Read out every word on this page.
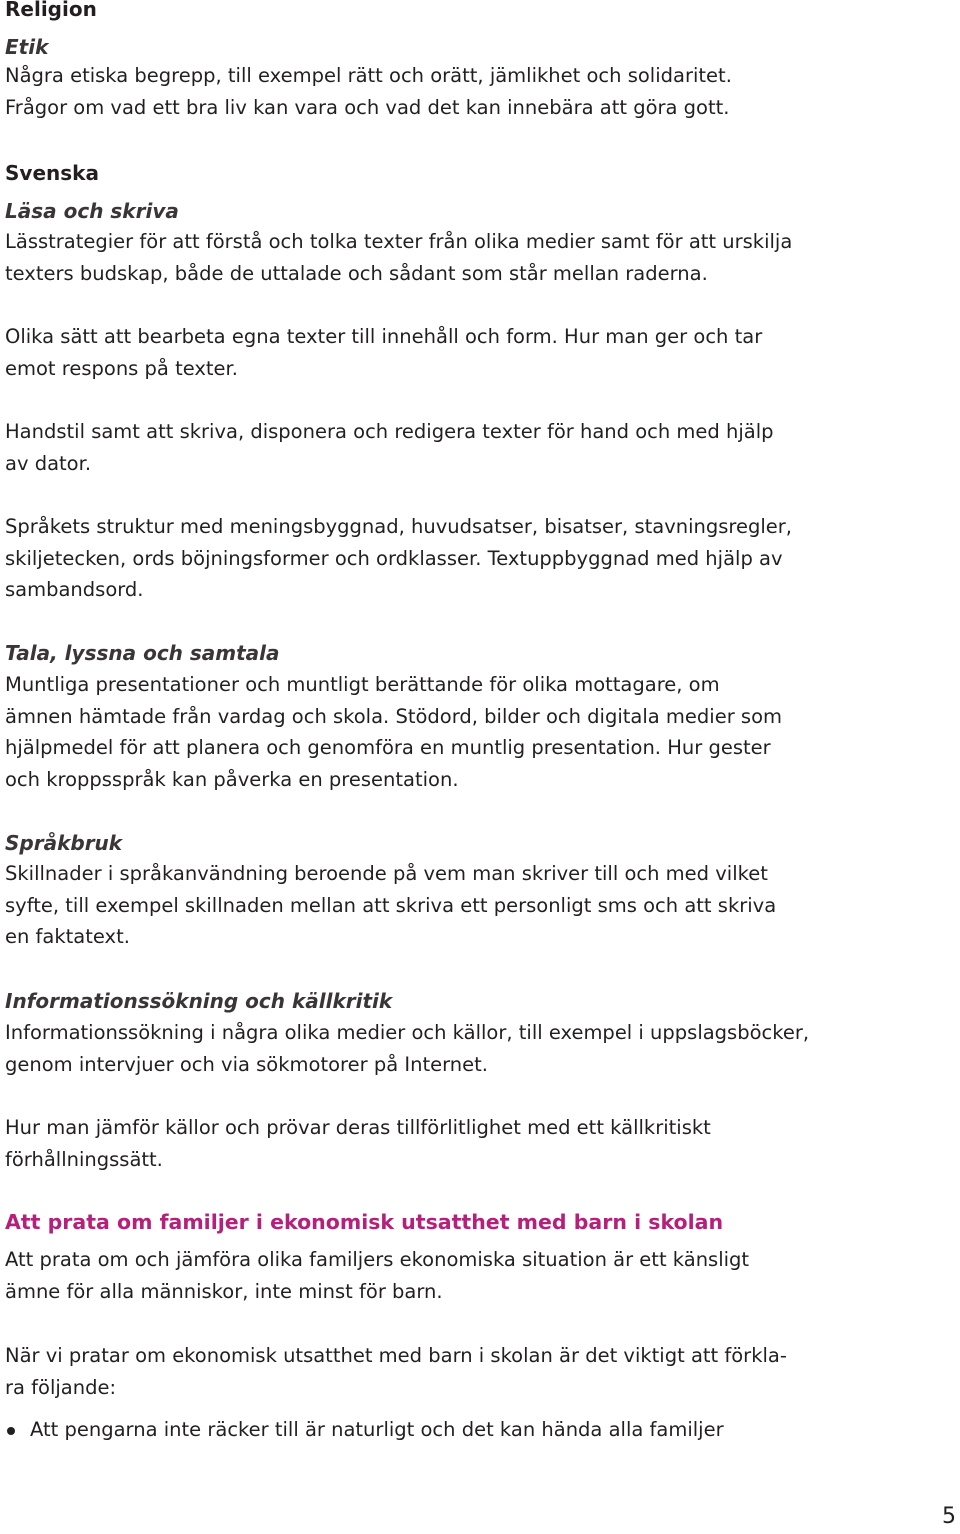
Religion
Etik

Några etiska begrepp, till exempel rätt och orätt, jämlikhet och solidaritet.
Frågor om vad ett bra liv kan vara och vad det kan innebära att göra gott.

Svenska
Läsa och skriva

Lässtrategier för att förstå och tolka texter från olika medier samt för att urskilja
texters budskap, både de uttalade och sådant som står mellan raderna.

Olika sätt att bearbeta egna texter till innehåll och form. Hur man ger och tar
emot respons på texter.

Handstil samt att skriva, disponera och redigera texter för hand och med hjälp
av dator.

Språkets struktur med meningsbyggnad, huvudsatser, bisatser, stavningsregler,
skiljetecken, ords böjningsformer och ordklasser. Textuppbyggnad med hjälp av
sambandsord.

Tala, lyssna och samtala

Muntliga presentationer och muntligt berättande för olika mottagare, om
ämnen hämtade från vardag och skola. Stödord, bilder och digitala medier som
hjälpmedel för att planera och genomföra en muntlig presentation. Hur gester
och kroppsspråk kan påverka en presentation.

Språkbruk

Skillnader i språkanvändning beroende på vem man skriver till och med vilket
syfte, till exempel skillnaden mellan att skriva ett personligt sms och att skriva
en faktatext.

Informationssökning och källkritik

Informationssökning i några olika medier och källor, till exempel i uppslagsböcker,
genom intervjuer och via sökmotorer på Internet.

Hur man jämför källor och prövar deras tillförlitlighet med ett källkritiskt
förhållningssätt.

Att prata om familjer i ekonomisk utsatthet med barn i skolan

Att prata om och jämföra olika familjers ekonomiska situation är ett känsligt
ämne för alla människor, inte minst för barn.

När vi pratar om ekonomisk utsatthet med barn i skolan är det viktigt att förkla-
ra följande:

Att pengarna inte räcker till är naturligt och det kan hända alla familjer
5
